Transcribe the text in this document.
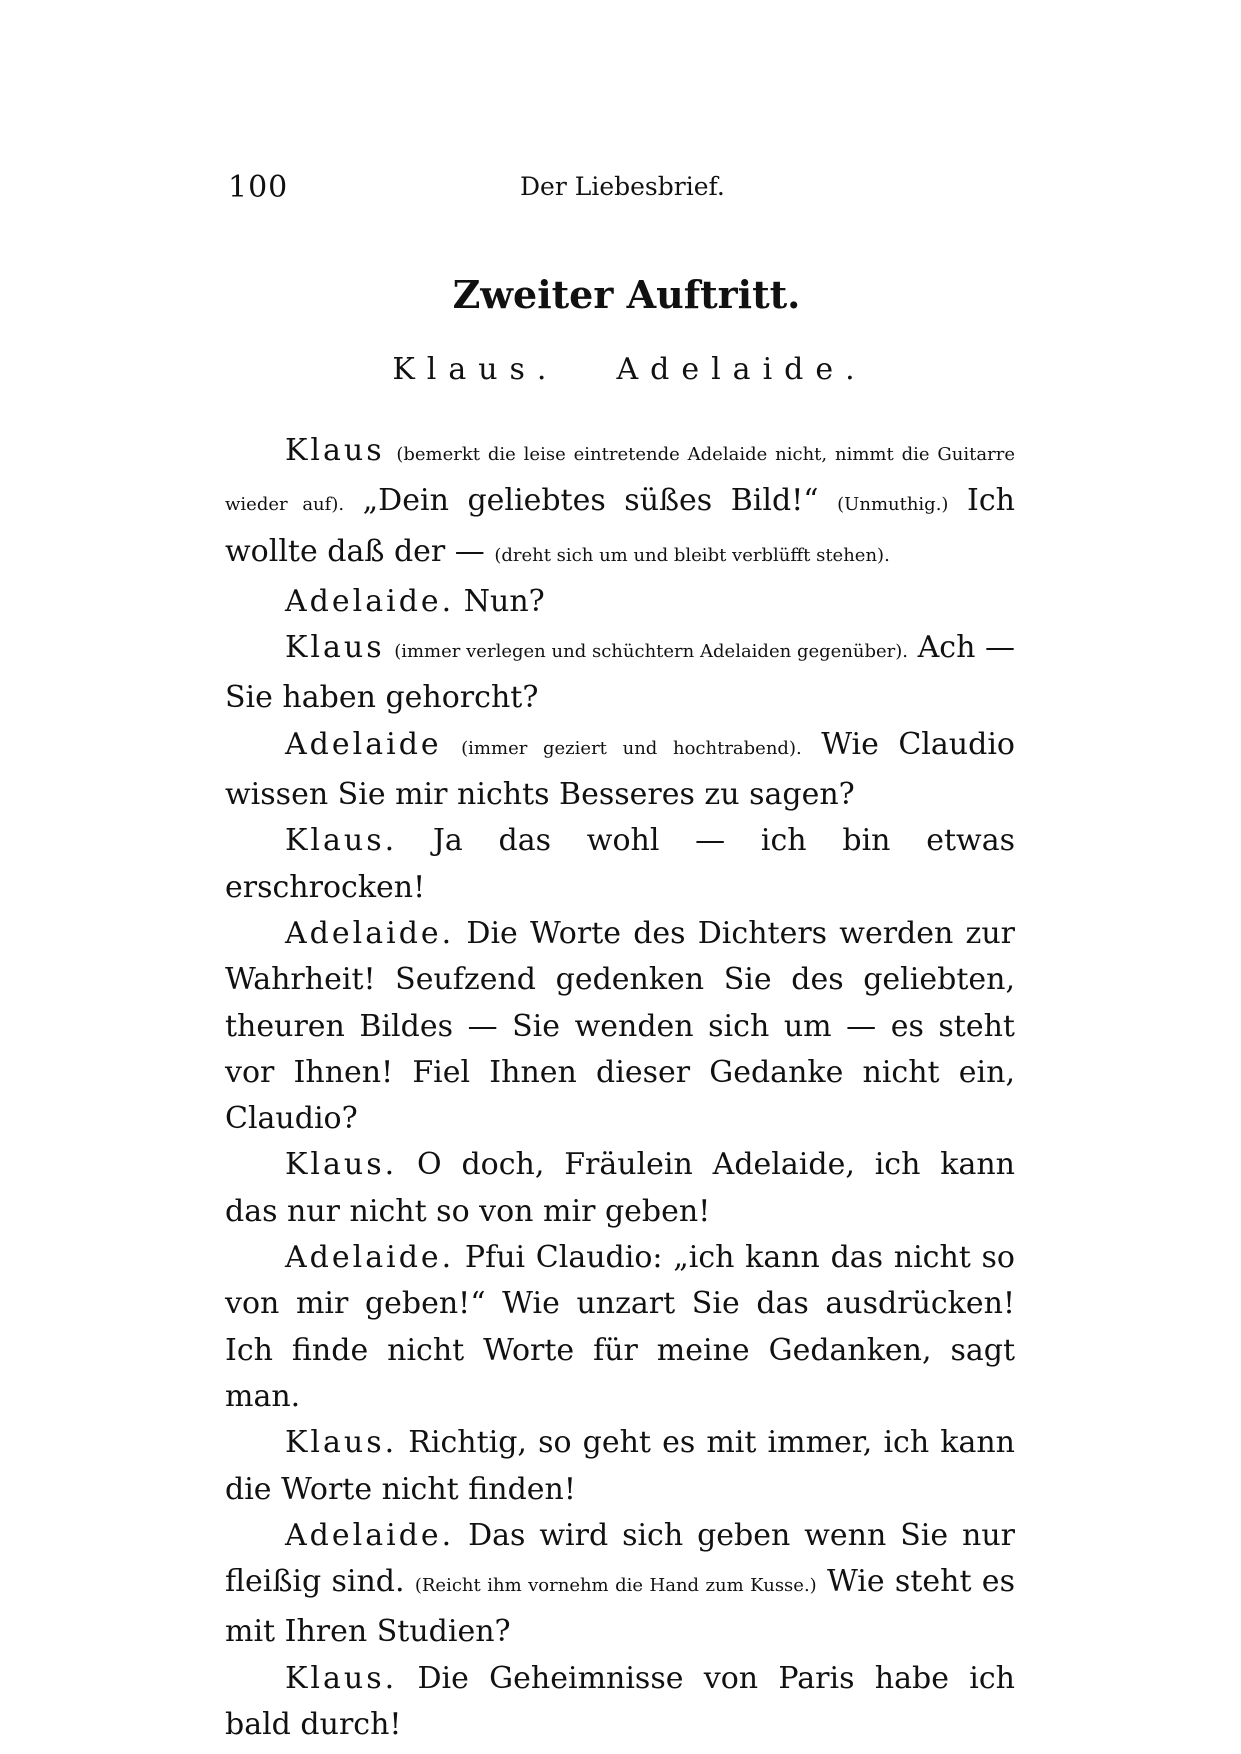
100	Der Liebesbrief.
Zweiter Auftritt.
Klaus. Adelaide.

Klaus (bemerkt die leise eintretende Adelaide nicht, nimmt die Guitarre wieder auf). „Dein geliebtes süßes Bild!“ (Unmuthig.) Ich wollte daß der — (dreht sich um und bleibt verblüfft stehen).

Adelaide. Nun?

Klaus (immer verlegen und schüchtern Adelaiden gegenüber). Ach — Sie haben gehorcht?

Adelaide (immer geziert und hochtrabend). Wie Claudio wissen Sie mir nichts Besseres zu sagen?

Klaus. Ja das wohl — ich bin etwas erschrocken!

Adelaide. Die Worte des Dichters werden zur Wahrheit! Seufzend gedenken Sie des geliebten, theuren Bildes — Sie wenden sich um — es steht vor Ihnen! Fiel Ihnen dieser Gedanke nicht ein, Claudio?

Klaus. O doch, Fräulein Adelaide, ich kann das nur nicht so von mir geben!

Adelaide. Pfui Claudio: „ich kann das nicht so von mir geben!“ Wie unzart Sie das ausdrücken! Ich finde nicht Worte für meine Gedanken, sagt man.

Klaus. Richtig, so geht es mit immer, ich kann die Worte nicht finden!

Adelaide. Das wird sich geben wenn Sie nur fleißig sind. (Reicht ihm vornehm die Hand zum Kusse.) Wie steht es mit Ihren Studien?

Klaus. Die Geheimnisse von Paris habe ich bald durch!
